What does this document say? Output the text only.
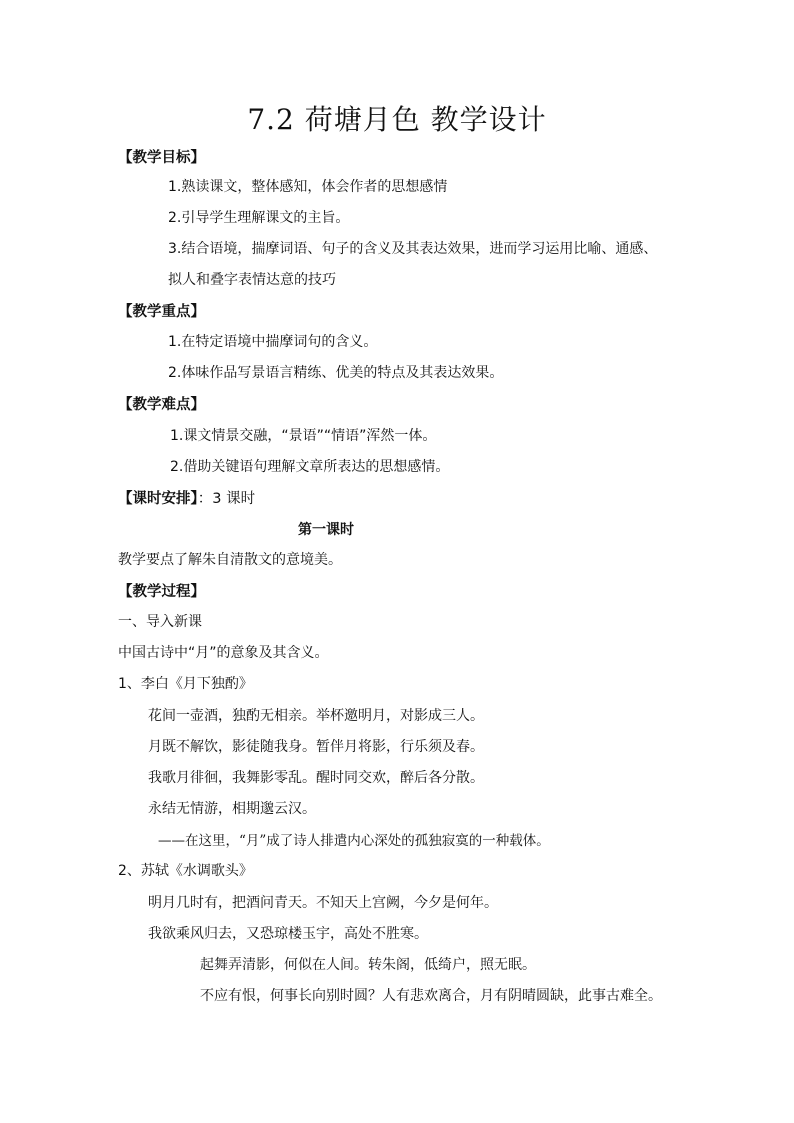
7.2 荷塘月色 教学设计
【教学目标】
1.熟读课文，整体感知，体会作者的思想感情
2.引导学生理解课文的主旨。
3.结合语境，揣摩词语、句子的含义及其表达效果，进而学习运用比喻、通感、
拟人和叠字表情达意的技巧
【教学重点】
1.在特定语境中揣摩词句的含义。
2.体味作品写景语言精练、优美的特点及其表达效果。
【教学难点】
1.课文情景交融，“景语”“情语”浑然一体。
2.借助关键语句理解文章所表达的思想感情。
【课时安排】：3 课时
第一课时
教学要点了解朱自清散文的意境美。
【教学过程】
一、导入新课
中国古诗中“月”的意象及其含义。
1、李白《月下独酌》
花间一壶酒，独酌无相亲。举杯邀明月，对影成三人。
月既不解饮，影徒随我身。暂伴月将影，行乐须及春。
我歌月徘徊，我舞影零乱。醒时同交欢，醉后各分散。
永结无情游，相期邈云汉。
——在这里，“月”成了诗人排遣内心深处的孤独寂寞的一种载体。
2、苏轼《水调歌头》
明月几时有，把酒问青天。不知天上宫阙，今夕是何年。
我欲乘风归去，又恐琼楼玉宇，高处不胜寒。
起舞弄清影，何似在人间。转朱阁，低绮户，照无眠。
不应有恨，何事长向别时圆？人有悲欢离合，月有阴晴圆缺，此事古难全。
